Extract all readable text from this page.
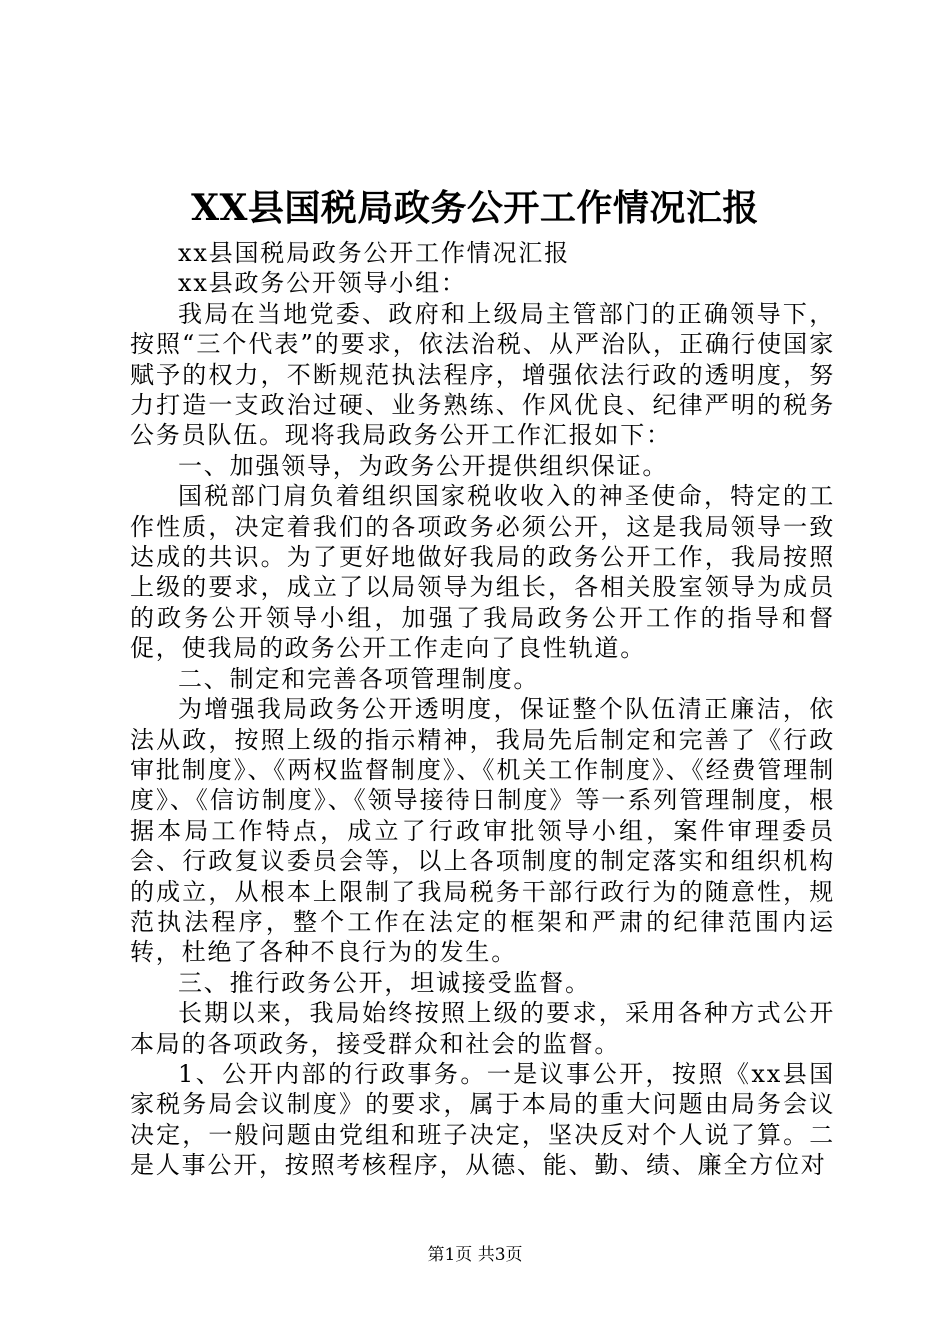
XX县国税局政务公开工作情况汇报

xx县国税局政务公开工作情况汇报

xx县政务公开领导小组：

我局在当地党委、政府和上级局主管部门的正确领导下，按照“三个代表”的要求，依法治税、从严治队，正确行使国家赋予的权力，不断规范执法程序，增强依法行政的透明度，努力打造一支政治过硬、业务熟练、作风优良、纪律严明的税务公务员队伍。现将我局政务公开工作汇报如下：

一、加强领导，为政务公开提供组织保证。

国税部门肩负着组织国家税收收入的神圣使命，特定的工作性质，决定着我们的各项政务必须公开，这是我局领导一致达成的共识。为了更好地做好我局的政务公开工作，我局按照上级的要求，成立了以局领导为组长，各相关股室领导为成员的政务公开领导小组，加强了我局政务公开工作的指导和督促，使我局的政务公开工作走向了良性轨道。

二、制定和完善各项管理制度。

为增强我局政务公开透明度，保证整个队伍清正廉洁，依法从政，按照上级的指示精神，我局先后制定和完善了《行政审批制度》、《两权监督制度》、《机关工作制度》、《经费管理制度》、《信访制度》、《领导接待日制度》等一系列管理制度，根据本局工作特点，成立了行政审批领导小组，案件审理委员会、行政复议委员会等，以上各项制度的制定落实和组织机构的成立，从根本上限制了我局税务干部行政行为的随意性，规范执法程序，整个工作在法定的框架和严肃的纪律范围内运转，杜绝了各种不良行为的发生。

三、推行政务公开，坦诚接受监督。

长期以来，我局始终按照上级的要求，采用各种方式公开本局的各项政务，接受群众和社会的监督。

1、公开内部的行政事务。一是议事公开，按照《xx县国家税务局会议制度》的要求，属于本局的重大问题由局务会议决定，一般问题由党组和班子决定，坚决反对个人说了算。二是人事公开，按照考核程序，从德、能、勤、绩、廉全方位对

第1页 共3页
